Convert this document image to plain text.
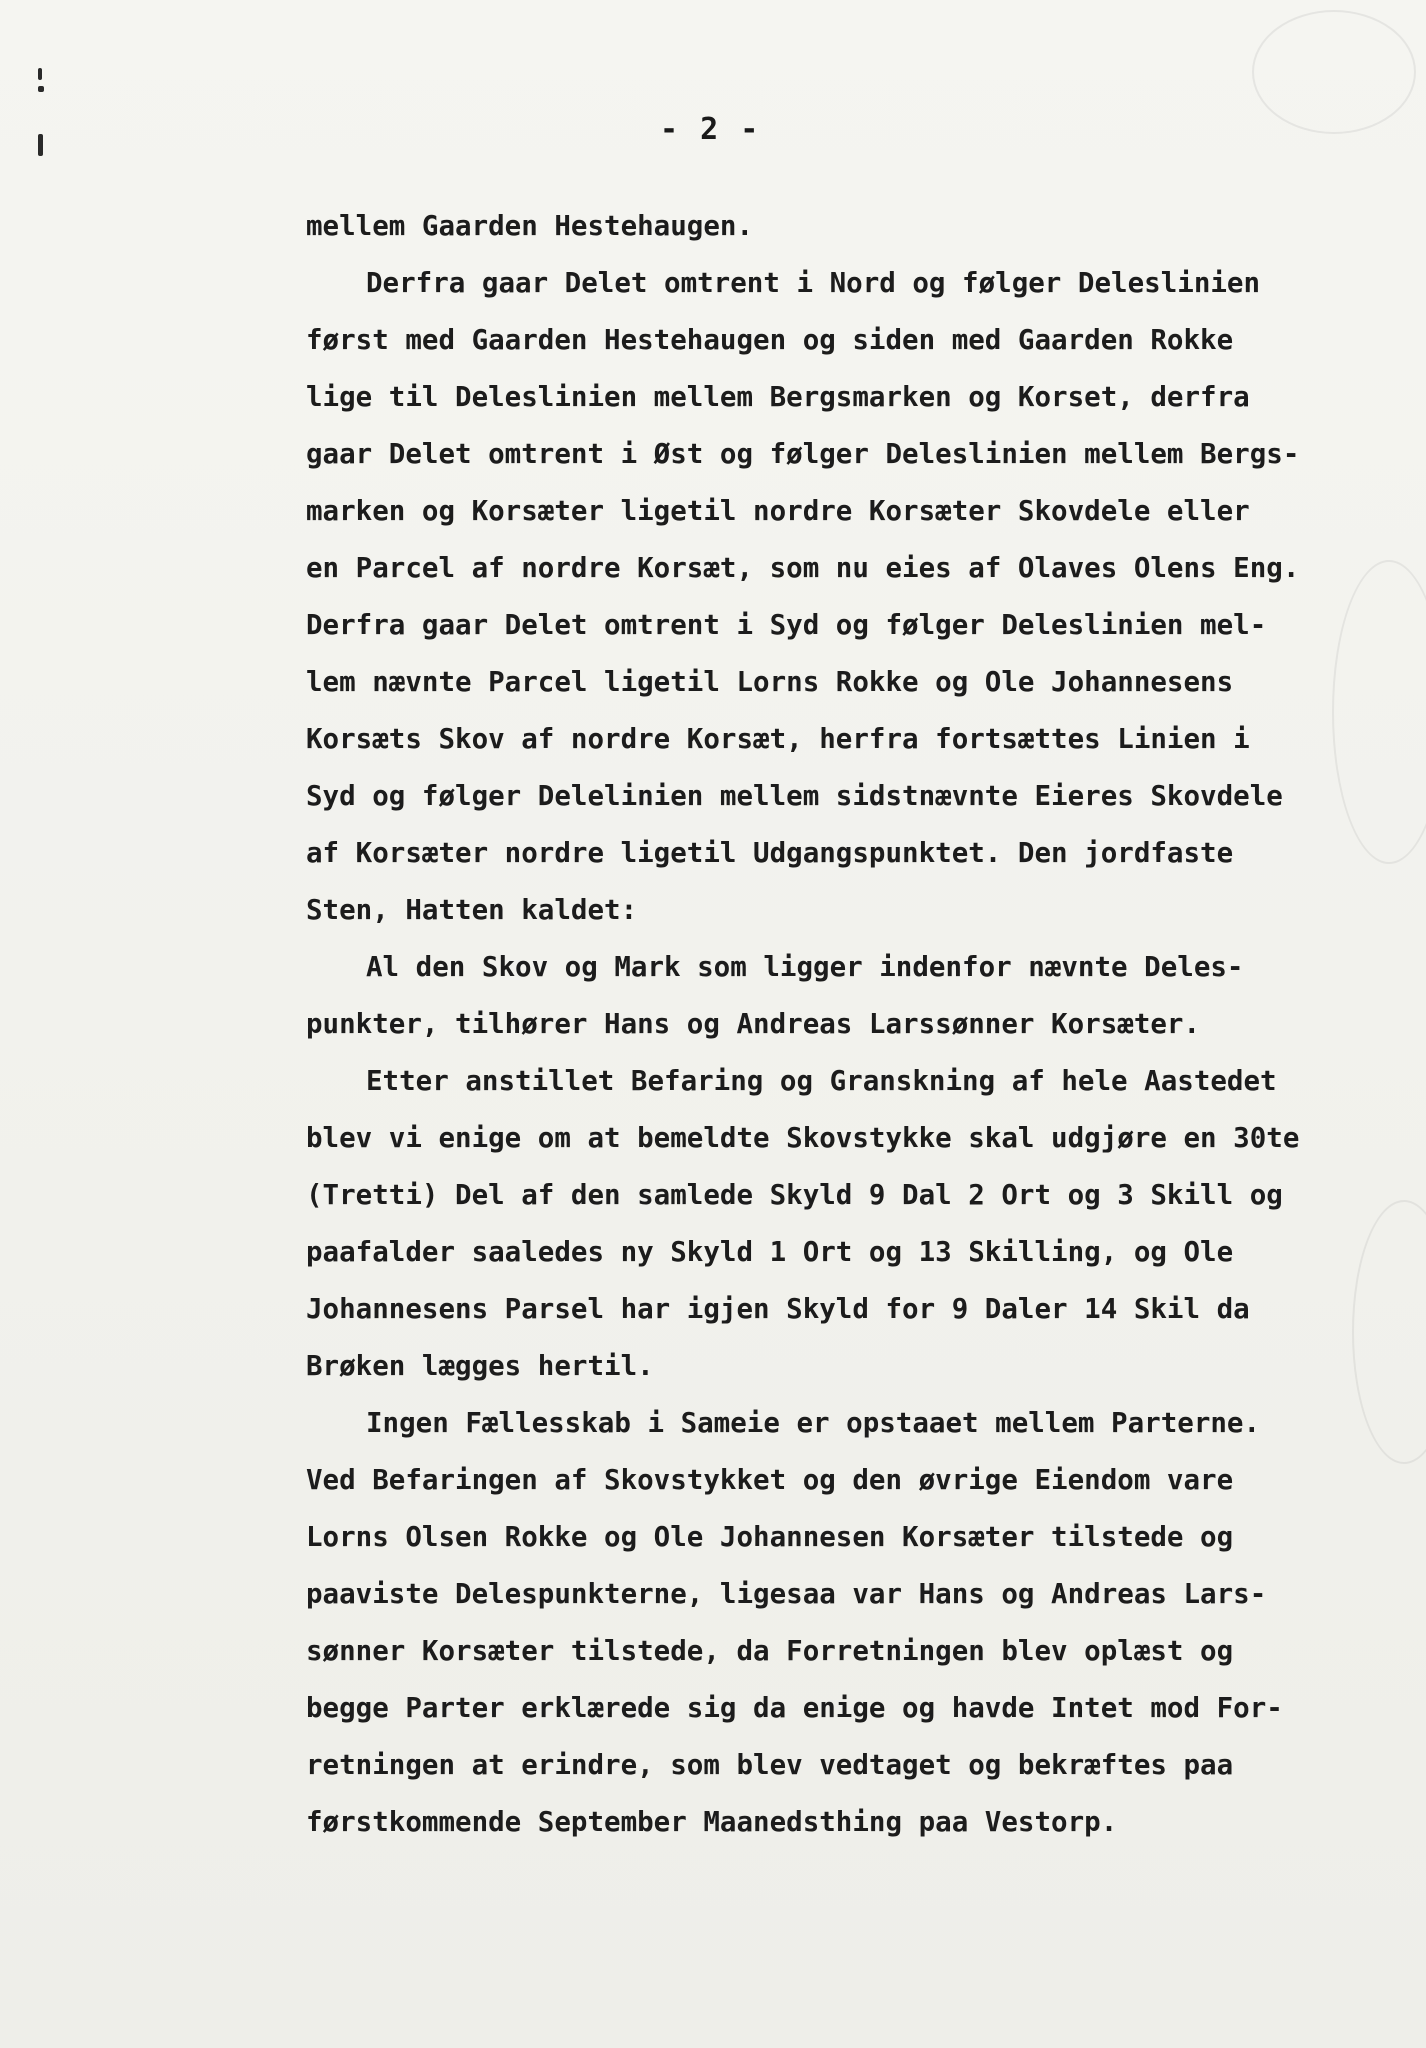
- 2 -
mellem Gaarden Hestehaugen.
Derfra gaar Delet omtrent i Nord og følger Deleslinien
først med Gaarden Hestehaugen og siden med Gaarden Rokke
lige til Deleslinien mellem Bergsmarken og Korset, derfra
gaar Delet omtrent i Øst og følger Deleslinien mellem Bergs-
marken og Korsæter ligetil nordre Korsæter Skovdele eller
en Parcel af nordre Korsæt, som nu eies af Olaves Olens Eng.
Derfra gaar Delet omtrent i Syd og følger Deleslinien mel-
lem nævnte Parcel ligetil Lorns Rokke og Ole Johannesens
Korsæts Skov af nordre Korsæt, herfra fortsættes Linien i
Syd og følger Delelinien mellem sidstnævnte Eieres Skovdele
af Korsæter nordre ligetil Udgangspunktet. Den jordfaste
Sten, Hatten kaldet:
Al den Skov og Mark som ligger indenfor nævnte Deles-
punkter, tilhører Hans og Andreas Larssønner Korsæter.
Etter anstillet Befaring og Granskning af hele Aastedet
blev vi enige om at bemeldte Skovstykke skal udgjøre en 30te
(Tretti) Del af den samlede Skyld 9 Dal 2 Ort og 3 Skill og
paafalder saaledes ny Skyld 1 Ort og 13 Skilling, og Ole
Johannesens Parsel har igjen Skyld for 9 Daler 14 Skil da
Brøken lægges hertil.
Ingen Fællesskab i Sameie er opstaaet mellem Parterne.
Ved Befaringen af Skovstykket og den øvrige Eiendom vare
Lorns Olsen Rokke og Ole Johannesen Korsæter tilstede og
paaviste Delespunkterne, ligesaa var Hans og Andreas Lars-
sønner Korsæter tilstede, da Forretningen blev oplæst og
begge Parter erklærede sig da enige og havde Intet mod For-
retningen at erindre, som blev vedtaget og bekræftes paa
førstkommende September Maanedsthing paa Vestorp.
